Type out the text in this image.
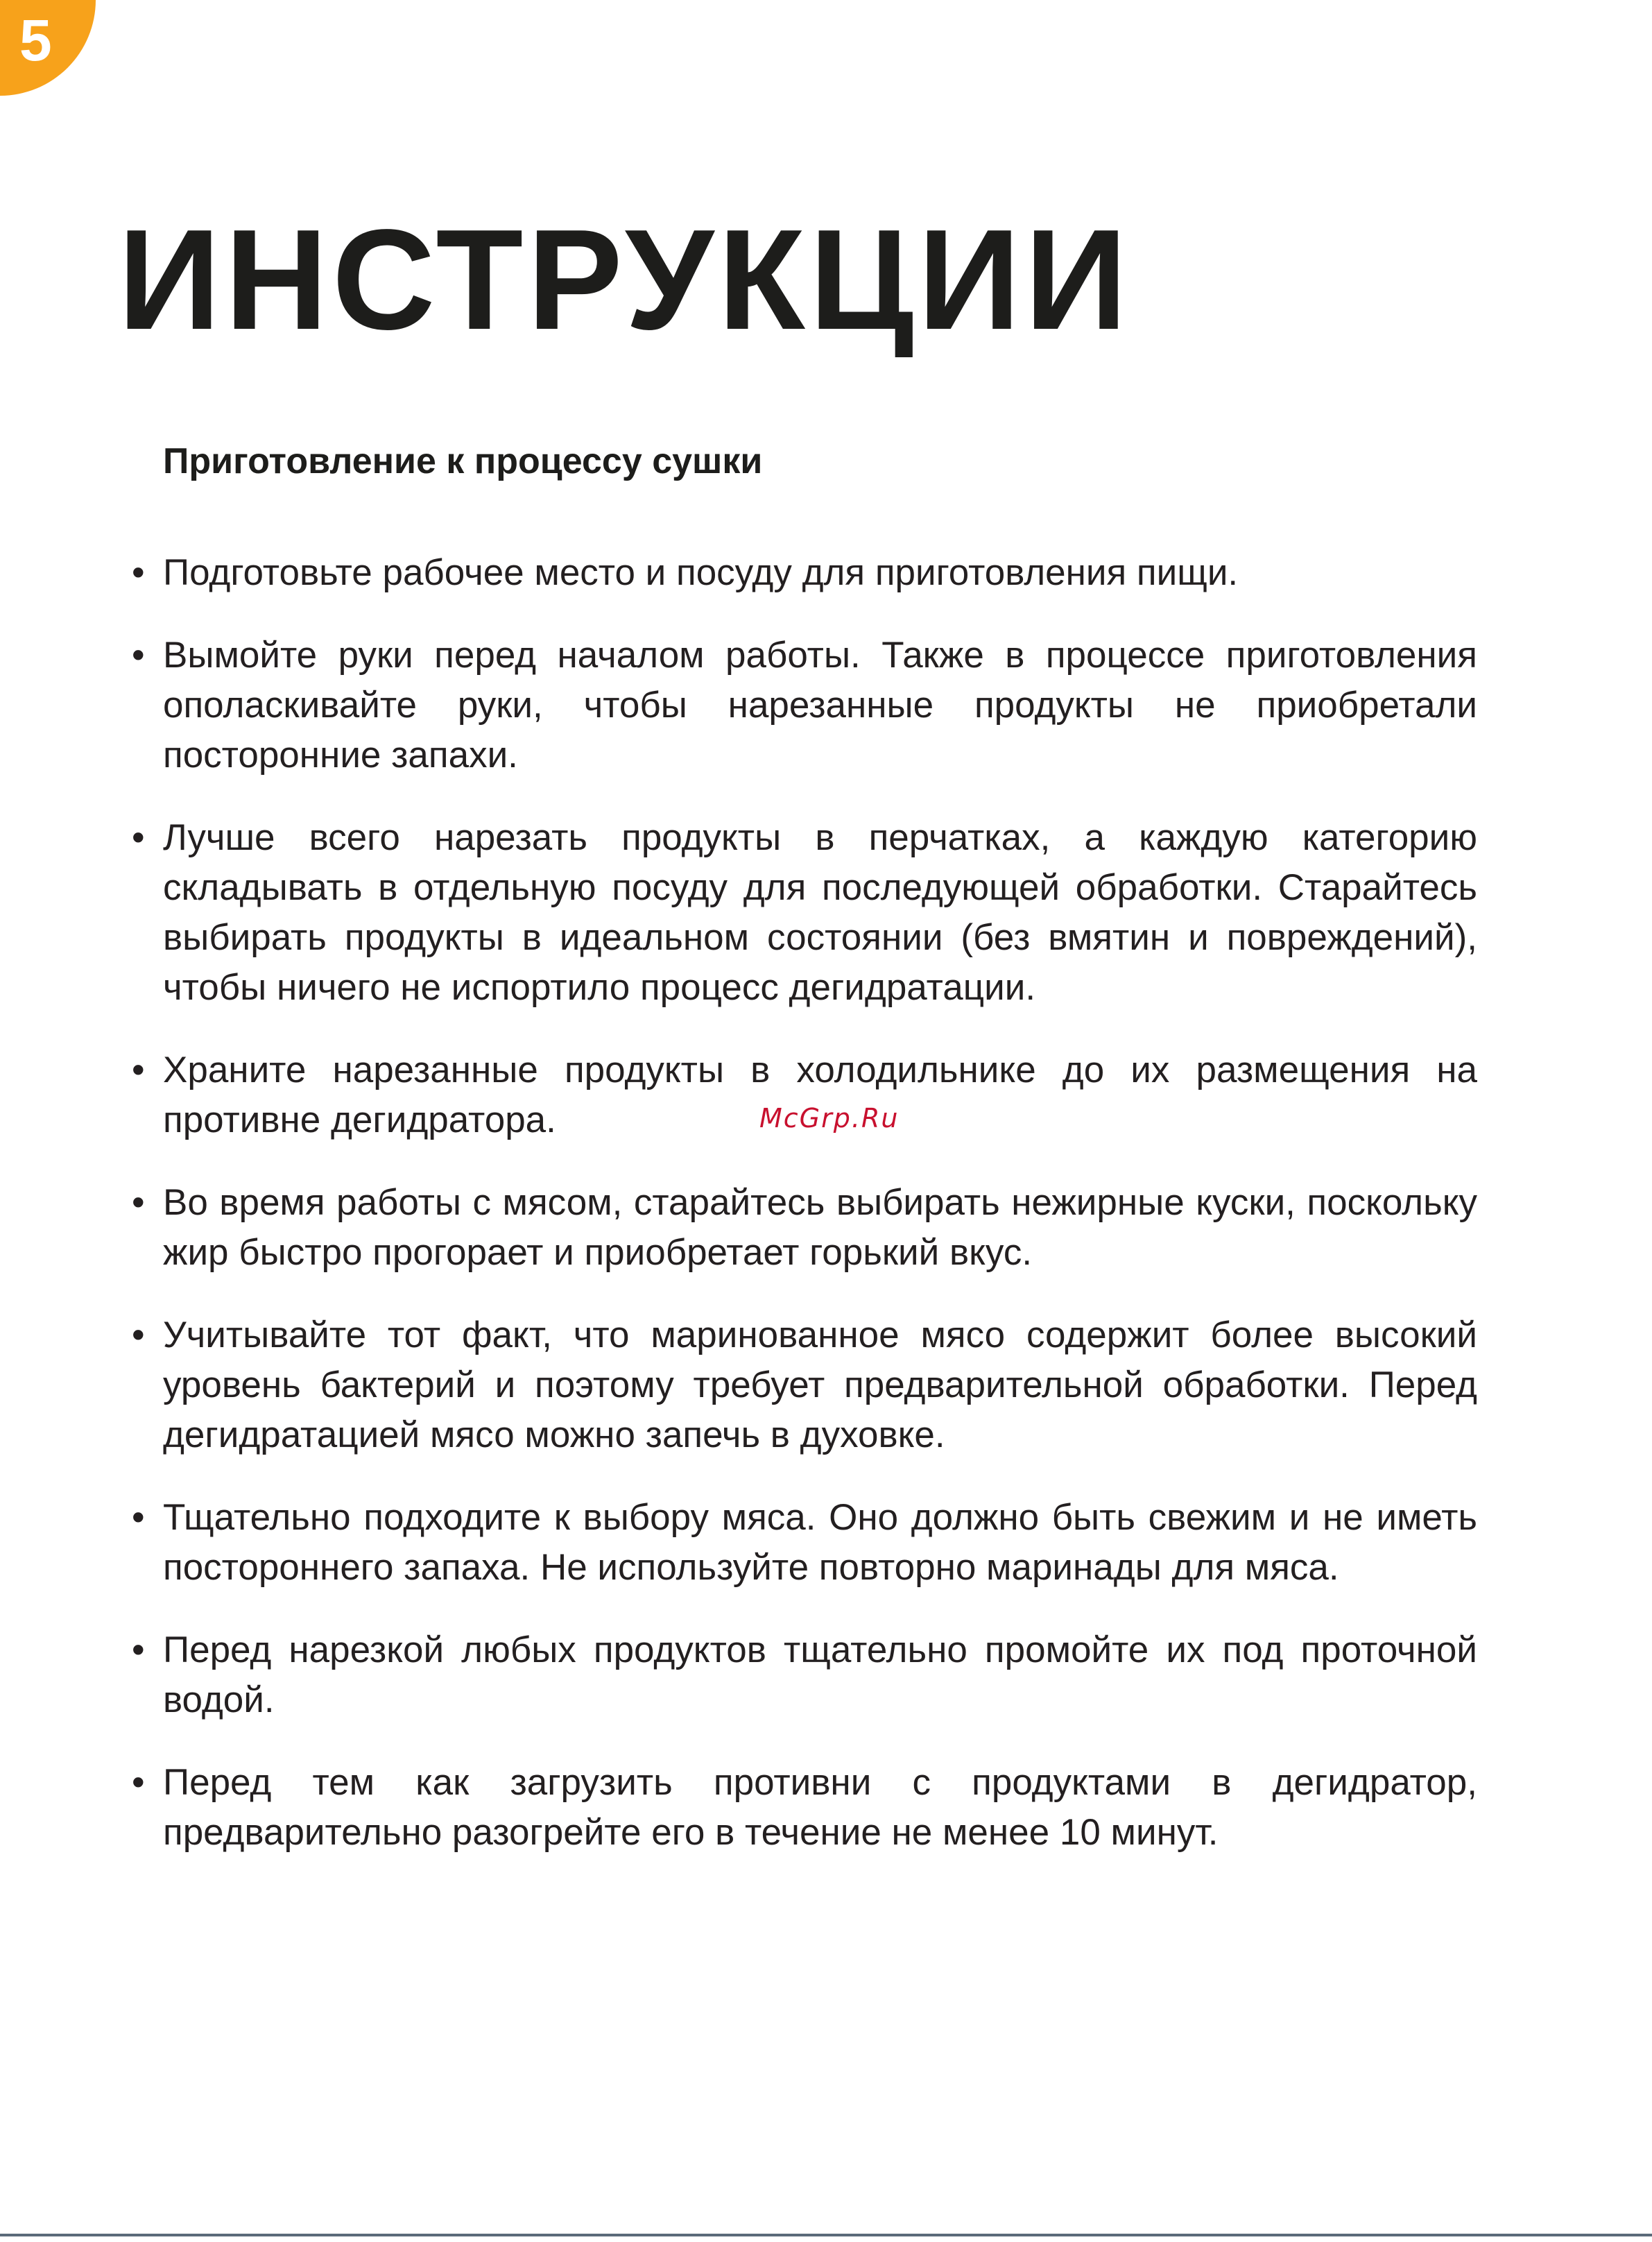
5
ИНСТРУКЦИИ
Приготовление к процессу сушки
• Подготовьте рабочее место и посуду для приготовления пищи.
• Вымойте руки перед началом работы. Также в процессе приготовления ополаскивайте руки, чтобы нарезанные продукты не приобретали посторонние запахи.
• Лучше всего нарезать продукты в перчатках, а каждую категорию складывать в отдельную посуду для последующей обработки. Старайтесь выбирать продукты в идеальном состоянии (без вмятин и повреждений), чтобы ничего не испортило процесс дегидратации.
• Храните нарезанные продукты в холодильнике до их размещения на противне дегидратора.
• Во время работы с мясом, старайтесь выбирать нежирные куски, поскольку жир быстро прогорает и приобретает горький вкус.
• Учитывайте тот факт, что маринованное мясо содержит более высокий уровень бактерий и поэтому требует предварительной обработки. Перед дегидратацией мясо можно запечь в духовке.
• Тщательно подходите к выбору мяса. Оно должно быть свежим и не иметь постороннего запаха. Не используйте повторно маринады для мяса.
• Перед нарезкой любых продуктов тщательно промойте их под проточной водой.
• Перед тем как загрузить противни с продуктами в дегидратор, предварительно разогрейте его в течение не менее 10 минут.
McGrp.Ru
